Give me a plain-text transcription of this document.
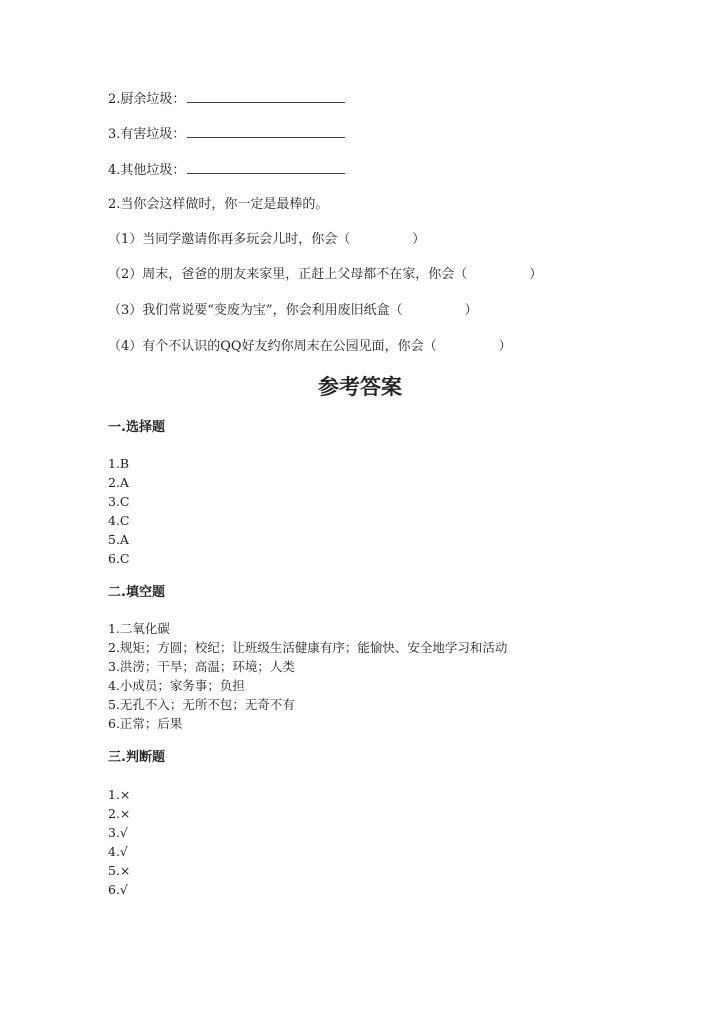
2.厨余垃圾：
3.有害垃圾：
4.其他垃圾：
2.当你会这样做时，你一定是最棒的。
（1）当同学邀请你再多玩会儿时，你会（	）
（2）周末，爸爸的朋友来家里，正赶上父母都不在家，你会（	）
（3）我们常说要“变废为宝”，你会利用废旧纸盒（	）
（4）有个不认识的QQ好友约你周末在公园见面，你会（	）
参考答案
一.选择题
1.B
2.A
3.C
4.C
5.A
6.C
二.填空题
1.二氧化碳
2.规矩；方圆；校纪；让班级生活健康有序；能愉快、安全地学习和活动
3.洪涝；干旱；高温；环境；人类
4.小成员；家务事；负担
5.无孔不入；无所不包；无奇不有
6.正常；后果
三.判断题
1.×
2.×
3.√
4.√
5.×
6.√
